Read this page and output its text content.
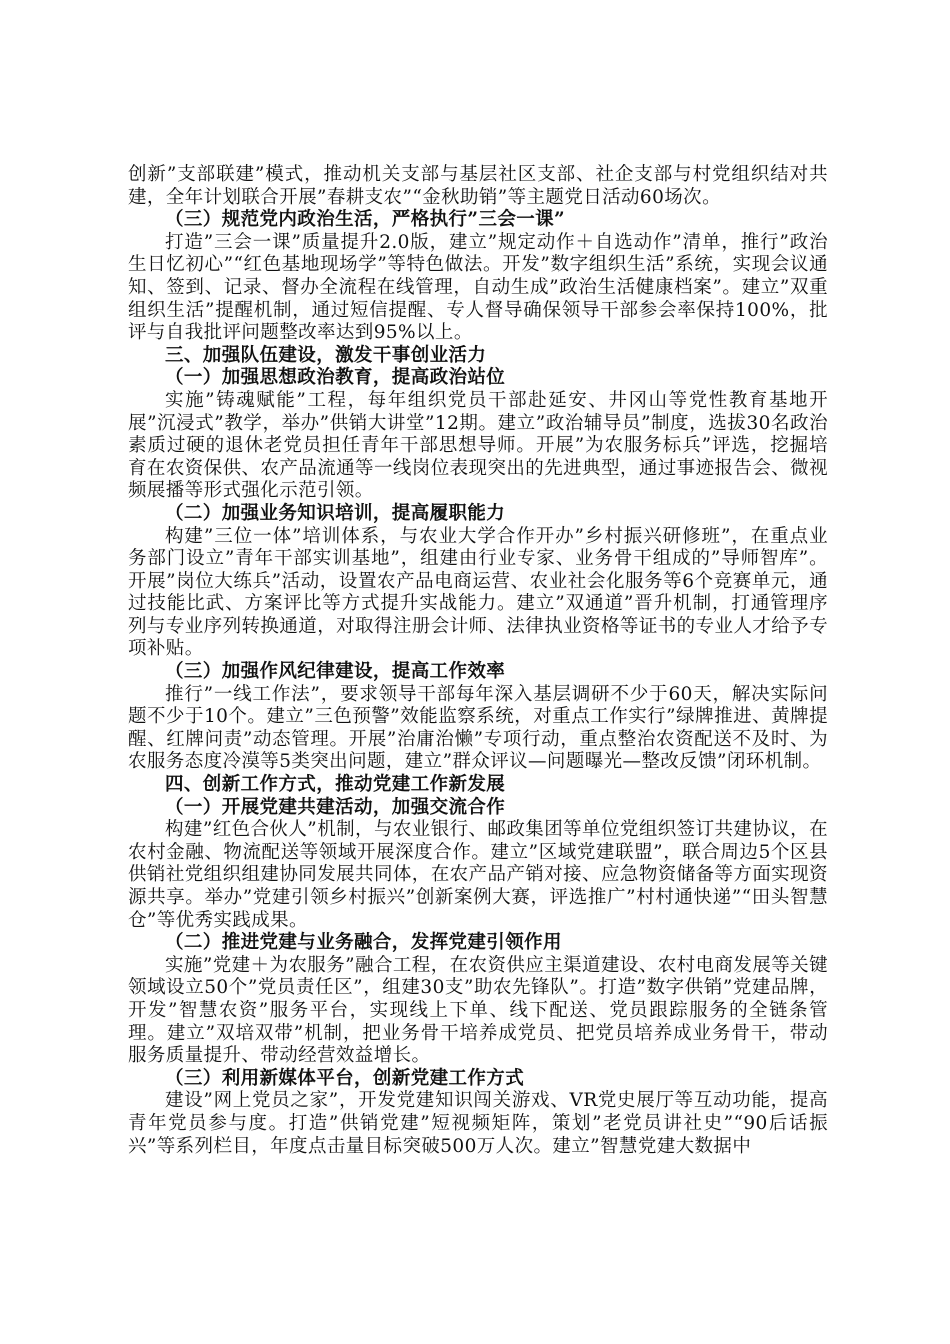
创新”支部联建”模式，推动机关支部与基层社区支部、社企支部与村党组织结对共建，全年计划联合开展”春耕支农”“金秋助销”等主题党日活动60场次。

（三）规范党内政治生活，严格执行”三会一课”

打造”三会一课”质量提升2.0版，建立”规定动作＋自选动作”清单，推行”政治生日忆初心”“红色基地现场学”等特色做法。开发”数字组织生活”系统，实现会议通知、签到、记录、督办全流程在线管理，自动生成”政治生活健康档案”。建立”双重组织生活”提醒机制，通过短信提醒、专人督导确保领导干部参会率保持100%，批评与自我批评问题整改率达到95%以上。

三、加强队伍建设，激发干事创业活力
（一）加强思想政治教育，提高政治站位

实施”铸魂赋能”工程，每年组织党员干部赴延安、井冈山等党性教育基地开展”沉浸式”教学，举办”供销大讲堂”12期。建立”政治辅导员”制度，选拔30名政治素质过硬的退休老党员担任青年干部思想导师。开展”为农服务标兵”评选，挖掘培育在农资保供、农产品流通等一线岗位表现突出的先进典型，通过事迹报告会、微视频展播等形式强化示范引领。

（二）加强业务知识培训，提高履职能力

构建”三位一体”培训体系，与农业大学合作开办”乡村振兴研修班”，在重点业务部门设立”青年干部实训基地”，组建由行业专家、业务骨干组成的”导师智库”。开展”岗位大练兵”活动，设置农产品电商运营、农业社会化服务等6个竞赛单元，通过技能比武、方案评比等方式提升实战能力。建立”双通道”晋升机制，打通管理序列与专业序列转换通道，对取得注册会计师、法律执业资格等证书的专业人才给予专项补贴。

（三）加强作风纪律建设，提高工作效率

推行”一线工作法”，要求领导干部每年深入基层调研不少于60天，解决实际问题不少于10个。建立”三色预警”效能监察系统，对重点工作实行”绿牌推进、黄牌提醒、红牌问责”动态管理。开展”治庸治懒”专项行动，重点整治农资配送不及时、为农服务态度冷漠等5类突出问题，建立”群众评议—问题曝光—整改反馈”闭环机制。

四、创新工作方式，推动党建工作新发展
（一）开展党建共建活动，加强交流合作

构建”红色合伙人”机制，与农业银行、邮政集团等单位党组织签订共建协议，在农村金融、物流配送等领域开展深度合作。建立”区域党建联盟”，联合周边5个区县供销社党组织组建协同发展共同体，在农产品产销对接、应急物资储备等方面实现资源共享。举办”党建引领乡村振兴”创新案例大赛，评选推广”村村通快递”“田头智慧仓”等优秀实践成果。

（二）推进党建与业务融合，发挥党建引领作用

实施”党建＋为农服务”融合工程，在农资供应主渠道建设、农村电商发展等关键领域设立50个”党员责任区”，组建30支”助农先锋队”。打造”数字供销”党建品牌，开发”智慧农资”服务平台，实现线上下单、线下配送、党员跟踪服务的全链条管理。建立”双培双带”机制，把业务骨干培养成党员、把党员培养成业务骨干，带动服务质量提升、带动经营效益增长。

（三）利用新媒体平台，创新党建工作方式

建设”网上党员之家”，开发党建知识闯关游戏、VR党史展厅等互动功能，提高青年党员参与度。打造”供销党建”短视频矩阵，策划”老党员讲社史”“90后话振兴”等系列栏目，年度点击量目标突破500万人次。建立”智慧党建大数据中
